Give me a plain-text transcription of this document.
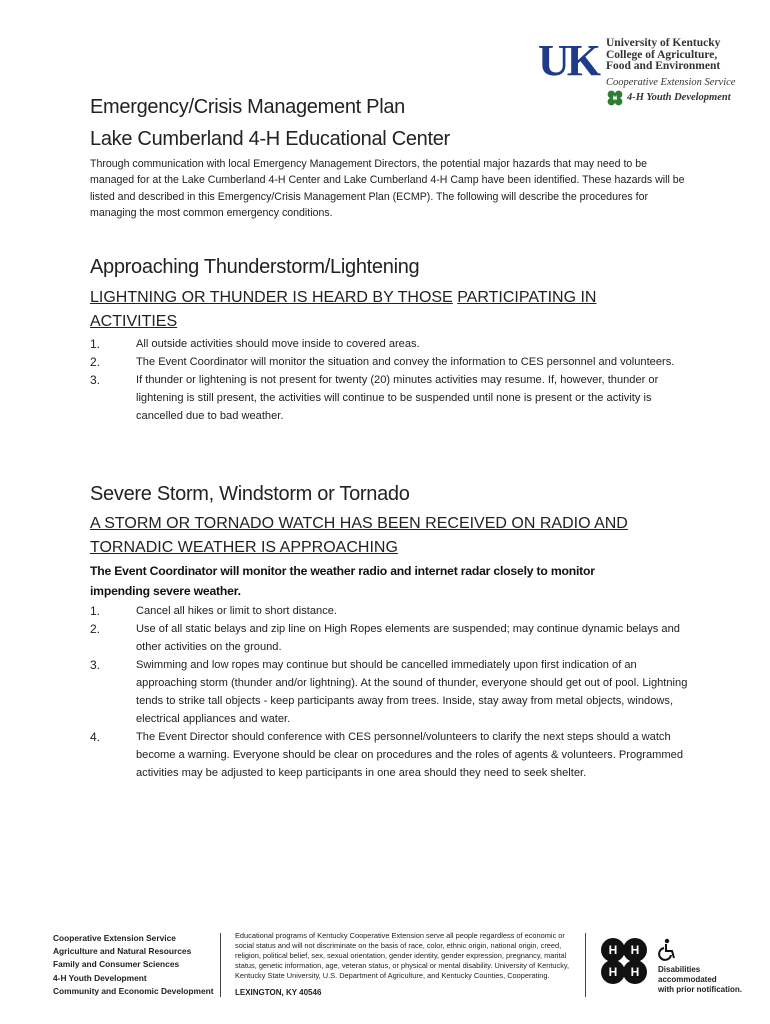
UK University of Kentucky
College of Agriculture,
Food and Environment
Cooperative Extension Service
H 4-H Youth Development
Emergency/Crisis Management Plan
Lake Cumberland 4-H Educational Center
Through communication with local Emergency Management Directors, the potential major hazards that may need to be managed for at the Lake Cumberland 4-H Center and Lake Cumberland 4-H Camp have been identified. These hazards will be listed and described in this Emergency/Crisis Management Plan (ECMP). The following will describe the procedures for managing the most common emergency conditions.
Approaching Thunderstorm/Lightening
LIGHTNING OR THUNDER IS HEARD BY THOSE PARTICIPATING IN ACTIVITIES
1.	All outside activities should move inside to covered areas.
2.	The Event Coordinator will monitor the situation and convey the information to CES personnel and volunteers.
3.	If thunder or lightening is not present for twenty (20) minutes activities may resume. If, however, thunder or lightening is still present, the activities will continue to be suspended until none is present or the activity is cancelled due to bad weather.
Severe Storm, Windstorm or Tornado
A STORM OR TORNADO WATCH HAS BEEN RECEIVED ON RADIO AND TORNADIC WEATHER IS APPROACHING
The Event Coordinator will monitor the weather radio and internet radar closely to monitor impending severe weather.
1.	Cancel all hikes or limit to short distance.
2.	Use of all static belays and zip line on High Ropes elements are suspended; may continue dynamic belays and other activities on the ground.
3.	Swimming and low ropes may continue but should be cancelled immediately upon first indication of an approaching storm (thunder and/or lightning). At the sound of thunder, everyone should get out of pool. Lightning tends to strike tall objects - keep participants away from trees. Inside, stay away from metal objects, windows, electrical appliances and water.
4.	The Event Director should conference with CES personnel/volunteers to clarify the next steps should a watch become a warning. Everyone should be clear on procedures and the roles of agents & volunteers. Programmed activities may be adjusted to keep participants in one area should they need to seek shelter.
Cooperative Extension Service
Agriculture and Natural Resources
Family and Consumer Sciences
4-H Youth Development
Community and Economic Development
Educational programs of Kentucky Cooperative Extension serve all people regardless of economic or social status and will not discriminate on the basis of race, color, ethnic origin, national origin, creed, religion, political belief, sex, sexual orientation, gender identity, gender expression, pregnancy, marital status, genetic information, age, veteran status, or physical or mental disability. University of Kentucky, Kentucky State University, U.S. Department of Agriculture, and Kentucky Counties, Cooperating.
LEXINGTON, KY 40546
H H
H H Disabilities
accommodated
with prior notification.
